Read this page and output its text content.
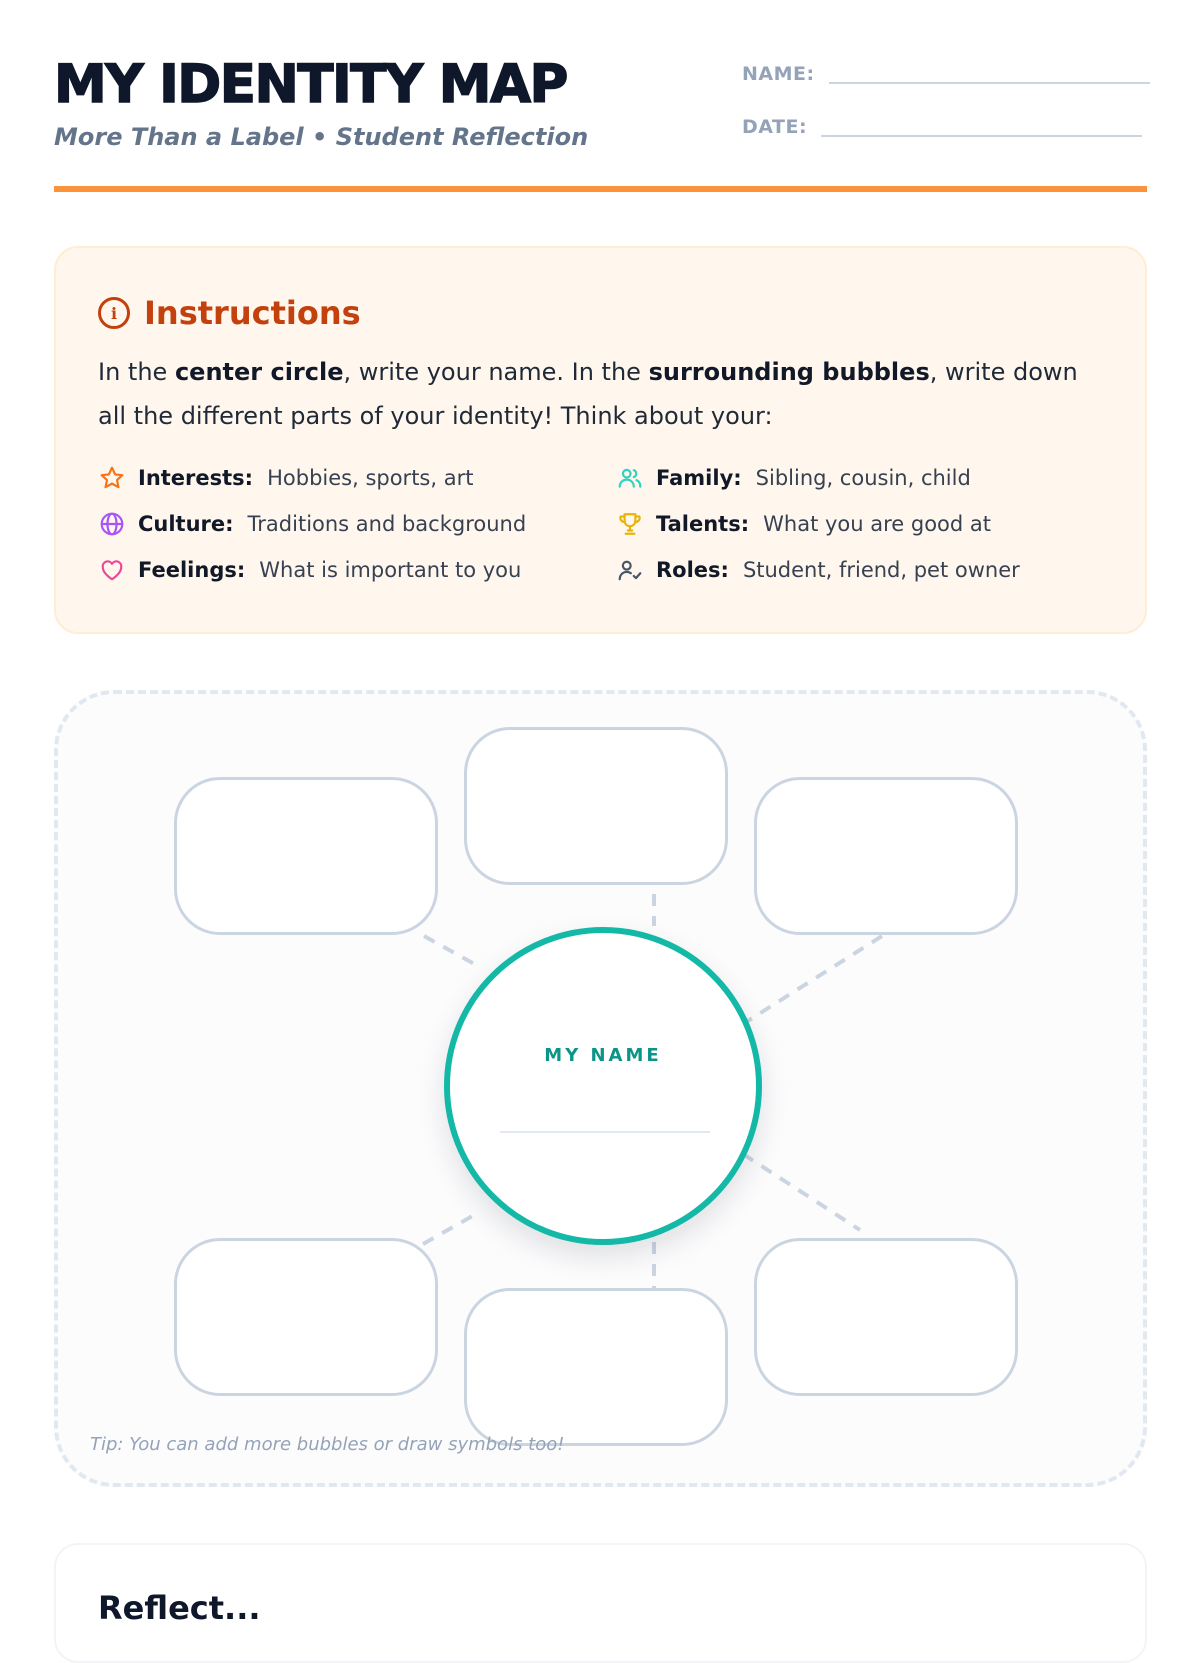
MY IDENTITY MAP
More Than a Label • Student Reflection
NAME:
DATE:
i Instructions
In the center circle, write your name. In the surrounding bubbles, write down all the different parts of your identity! Think about your:
Interests: Hobbies, sports, art	Family: Sibling, cousin, child
Culture: Traditions and background	Talents: What you are good at
Feelings: What is important to you	Roles: Student, friend, pet owner
MY NAME
Tip: You can add more bubbles or draw symbols too!
Reflect...
